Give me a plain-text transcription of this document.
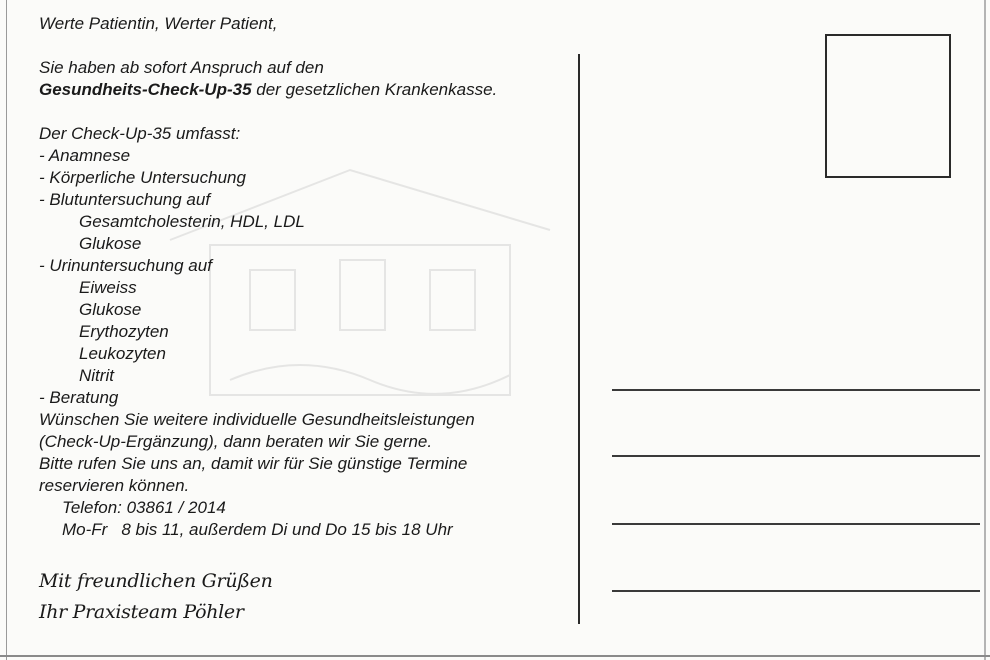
Werte Patientin, Werter Patient,
Sie haben ab sofort Anspruch auf den
Gesundheits-Check-Up-35 der gesetzlichen Krankenkasse.
Der Check-Up-35 umfasst:
- Anamnese
- Körperliche Untersuchung
- Blutuntersuchung auf
Gesamtcholesterin, HDL, LDL
Glukose
- Urinuntersuchung auf
Eiweiss
Glukose
Erythozyten
Leukozyten
Nitrit
- Beratung
Wünschen Sie weitere individuelle Gesundheitsleistungen
(Check-Up-Ergänzung), dann beraten wir Sie gerne.
Bitte rufen Sie uns an, damit wir für Sie günstige Termine
reservieren können.
Telefon: 03861 / 2014
Mo-Fr 8 bis 11, außerdem Di und Do 15 bis 18 Uhr
Mit freundlichen Grüßen
Ihr Praxisteam Pöhler
